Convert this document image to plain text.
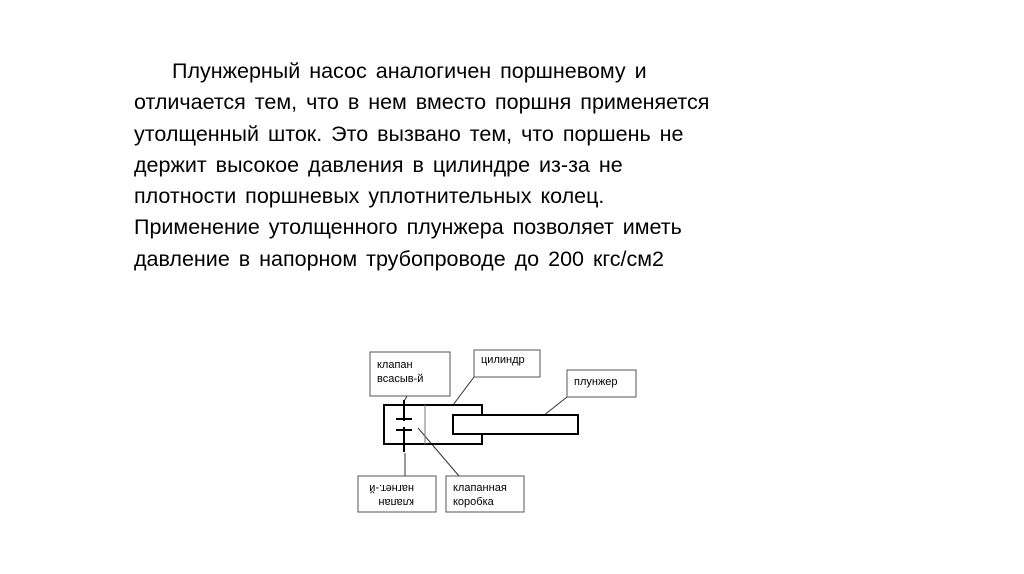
Плунжерный насос аналогичен поршневому и
отличается тем, что в нем вместо поршня применяется
утолщенный шток. Это вызвано тем, что поршень не
держит высокое давления в цилиндре из-за не
плотности поршневых уплотнительных колец.
Применение утолщенного плунжера позволяет иметь
давление в напорном трубопроводе до 200 кгс/см2
клапан
всасыв-й
цилиндр
плунжер
клапан
нагнет.-й	клапанная
коробка
